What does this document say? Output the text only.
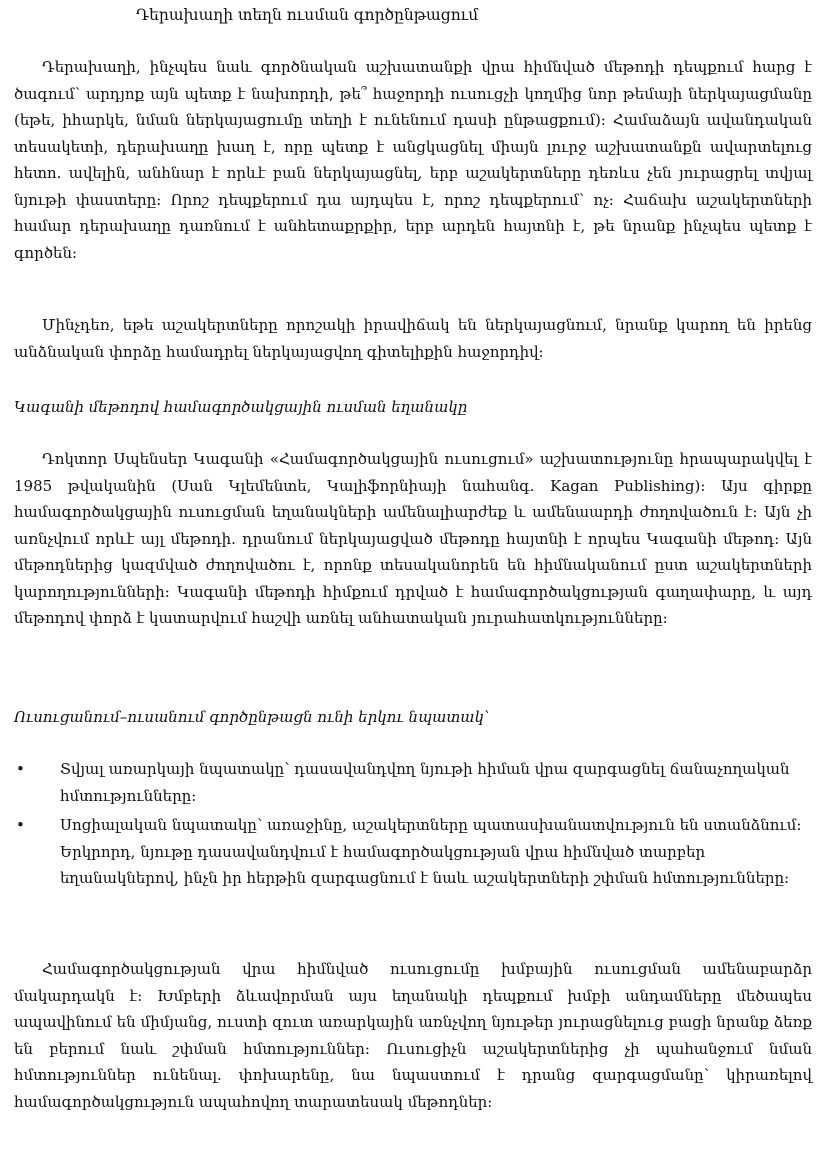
Դերախաղի տեղն ուսման գործընթացում

Դերախաղի, ինչպես նաև գործնական աշխատանքի վրա հիմնված մեթոդի դեպքում հարց է ծագում՝ արդյոք այն պետք է նախորդի, թե՞ հաջորդի ուսուցչի կողմից նոր թեմայի ներկայացմանը (եթե, իհարկե, նման ներկայացումը տեղի է ունենում դասի ընթացքում)։ Համաձայն ավանդական տեսակետի, դերախաղը խաղ է, որը պետք է անցկացնել միայն լուրջ աշխատանքն ավարտելուց հետո. ավելին, անհնար է որևէ բան ներկայացնել, երբ աշակերտները դեռևս չեն յուրացրել տվյալ նյութի փաստերը։ Որոշ դեպքերում դա այդպես է, որոշ դեպքերում՝ ոչ։ Հաճախ աշակերտների համար դերախաղը դառնում է անհետաքրքիր, երբ արդեն հայտնի է, թե նրանք ինչպես պետք է գործեն։

Մինչդեռ, եթե աշակերտները որոշակի իրավիճակ են ներկայացնում, նրանք կարող են իրենց անձնական փորձը համադրել ներկայացվող գիտելիքին հաջորդիվ։

Կագանի մեթոդով համագործակցային ուսման եղանակը

Դոկտոր Սպենսեր Կագանի «Համագործակցային ուսուցում» աշխատությունը հրապարակվել է 1985 թվականին (Սան Կլեմենտե, Կալիֆորնիայի նահանգ. Kagan Publishing)։ Այս գիրքը համագործակցային ուսուցման եղանակների ամենալիարժեք և ամենաարդի ժողովածուն է։ Այն չի առնչվում որևէ այլ մեթոդի. դրանում ներկայացված մեթոդը հայտնի է որպես Կագանի մեթոդ։ Այն մեթոդներից կազմված ժողովածու է, որոնք տեսականորեն են հիմնականում ըստ աշակերտների կարողությունների։ Կագանի մեթոդի հիմքում դրված է համագործակցության գաղափարը, և այդ մեթոդով փորձ է կատարվում հաշվի առնել անհատական յուրահատկությունները։

Ուսուցանում–ուսանում գործընթացն ունի երկու նպատակ՝

• Տվյալ առարկայի նպատակը՝ դասավանդվող նյութի հիման վրա զարգացնել ճանաչողական հմտությունները։
• Սոցիալական նպատակը՝ առաջինը, աշակերտները պատասխանատվություն են ստանձնում։ Երկրորդ, նյութը դասավանդվում է համագործակցության վրա հիմնված տարբեր եղանակներով, ինչն իր հերթին զարգացնում է նաև աշակերտների շփման հմտությունները։

Համագործակցության վրա հիմնված ուսուցումը խմբային ուսուցման ամենաբարձր մակարդակն է։ Խմբերի ձևավորման այս եղանակի դեպքում խմբի անդամները մեծապես ապավինում են միմյանց, ուստի զուտ առարկային առնչվող նյութեր յուրացնելուց բացի նրանք ձեռք են բերում նաև շփման հմտություններ։ Ուսուցիչն աշակերտներից չի պահանջում նման հմտություններ ունենալ. փոխարենը, նա նպաստում է դրանց զարգացմանը՝ կիրառելով համագործակցություն ապահովող տարատեսակ մեթոդներ։
